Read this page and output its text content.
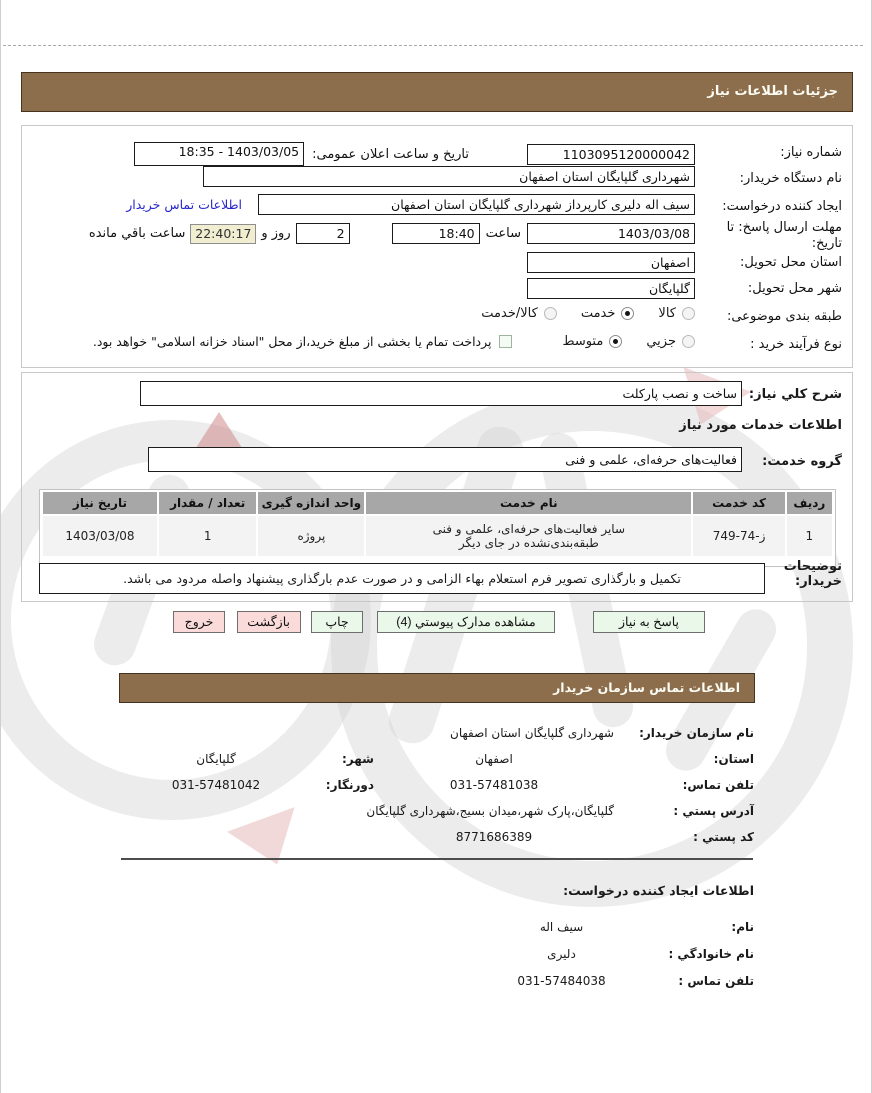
جزئیات اطلاعات نیاز
شماره نیاز:
1103095120000042
تاریخ و ساعت اعلان عمومی:
18:35 - 1403/03/05
نام دستگاه خریدار:
شهرداری گلپایگان استان اصفهان
ایجاد کننده درخواست:
سیف اله دلیری کارپرداز شهرداری گلپایگان استان اصفهان
اطلاعات تماس خریدار
مهلت ارسال پاسخ: تا تاریخ:
1403/03/08
ساعت
18:40
2
روز و
22:40:17
ساعت باقي مانده
استان محل تحویل:
اصفهان
شهر محل تحویل:
گلپایگان
طبقه بندی موضوعی:
کالا
خدمت
کالا/خدمت
نوع فرآیند خرید :
جزیي
متوسط
پرداخت تمام یا بخشی از مبلغ خرید،از محل "اسناد خزانه اسلامی" خواهد بود.
شرح کلي نیاز:
ساخت و نصب پارکلت
اطلاعات خدمات مورد نیاز
گروه خدمت:
فعالیت‌های حرفه‌ای، علمی و فنی
ردیف	کد خدمت	نام خدمت	واحد اندازه گیری	تعداد / مقدار	تاریخ نیاز
1	ز-74-749	سایر فعالیت‌های حرفه‌ای، علمی و فنی
طبقه‌بندی‌نشده در جای دیگر	پروژه	1	1403/03/08
توضیحات خریدار:
تکمیل و بارگذاری تصویر فرم استعلام بهاء الزامی و در صورت عدم بارگذاری پیشنهاد واصله مردود می باشد.
پاسخ به نیاز
مشاهده مدارک پیوستي (4)
چاپ
بازگشت
خروج
اطلاعات تماس سازمان خریدار
نام سازمان خریدار:
شهرداری گلپایگان استان اصفهان
استان:
اصفهان
شهر:
گلپایگان
تلفن تماس:
031-57481038
دورنگار:
031-57481042
آدرس پستي :
گلپایگان،پارک شهر،میدان بسیج،شهرداری گلپایگان
کد پستي :
8771686389
اطلاعات ایجاد کننده درخواست:
نام:
سیف اله
نام خانوادگي :
دلیری
تلفن تماس :
031-57484038
